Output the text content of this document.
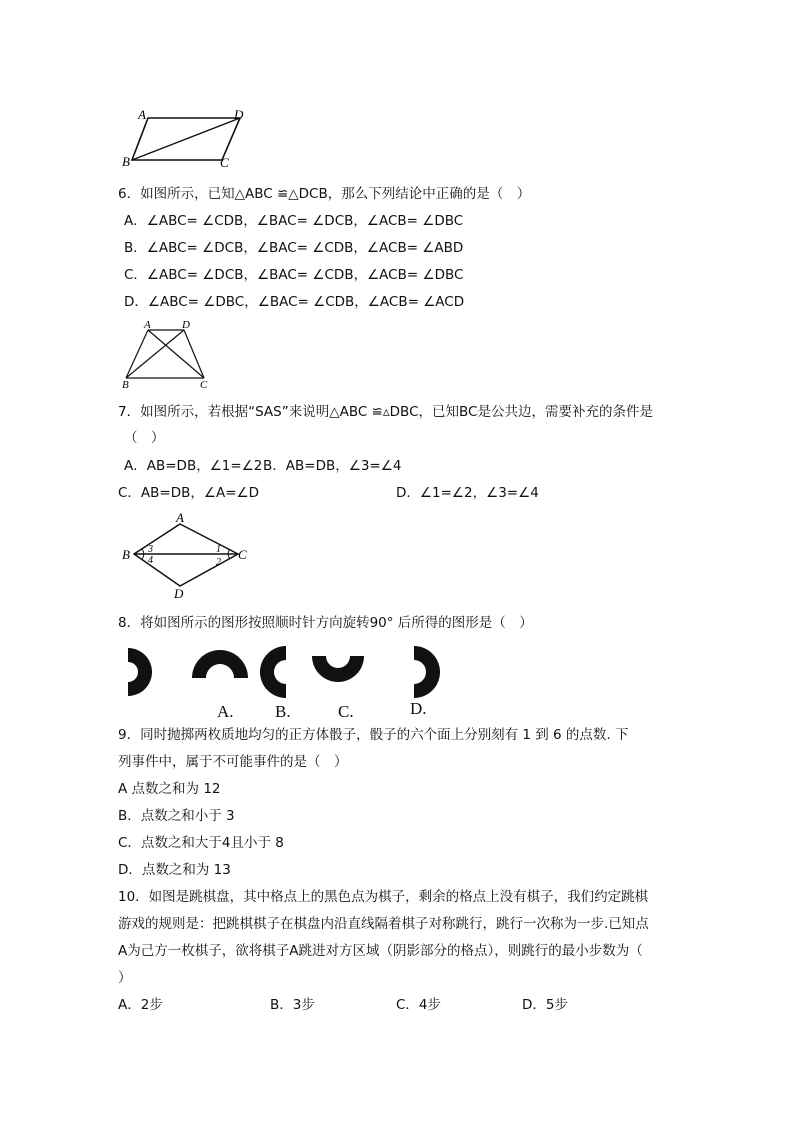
A	D
B	C
6．如图所示，已知△ABC ≌△DCB，那么下列结论中正确的是（　）
A．∠ABC= ∠CDB，∠BAC= ∠DCB，∠ACB= ∠DBC
B．∠ABC= ∠DCB，∠BAC= ∠CDB，∠ACB= ∠ABD
C．∠ABC= ∠DCB，∠BAC= ∠CDB，∠ACB= ∠DBC
D．∠ABC= ∠DBC，∠BAC= ∠CDB，∠ACB= ∠ACD
A	D
B	C
7．如图所示，若根据“SAS”来说明△ABC ≌▵DBC，已知BC是公共边，需要补充的条件是
（　）
A．AB=DB，∠1=∠2 B．AB=DB，∠3=∠4
C．AB=DB，∠A=∠D	D．∠1=∠2，∠3=∠4
A
B	C
D
3
4
1
2
8．将如图所示的图形按照顺时针方向旋转90° 后所得的图形是（　）
A. B.	C.	D.
9．同时抛掷两枚质地均匀的正方体骰子，骰子的六个面上分别刻有 1 到 6 的点数. 下
列事件中，属于不可能事件的是（　）
A 点数之和为 12
B．点数之和小于 3
C．点数之和大于4且小于 8
D．点数之和为 13
10．如图是跳棋盘，其中格点上的黑色点为棋子，剩余的格点上没有棋子，我们约定跳棋
游戏的规则是：把跳棋棋子在棋盘内沿直线隔着棋子对称跳行，跳行一次称为一步.已知点
A为己方一枚棋子，欲将棋子A跳进对方区域（阴影部分的格点），则跳行的最小步数为（
）
A．2步	B．3步	C．4步	D．5步
